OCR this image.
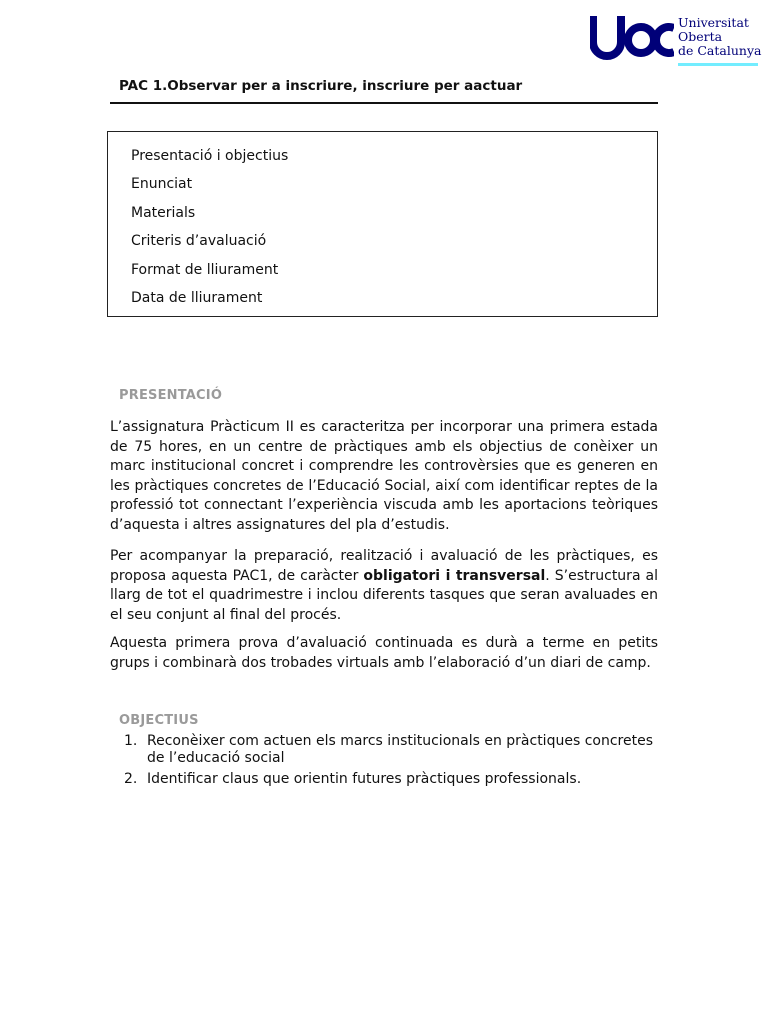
Universitat
Oberta
de Catalunya
PAC 1.Observar per a inscriure, inscriure per aactuar
Presentació i objectius
Enunciat
Materials
Criteris d’avaluació
Format de lliurament
Data de lliurament
PRESENTACIÓ

L’assignatura Pràcticum II es caracteritza per incorporar una primera estada de 75 hores, en un centre de pràctiques amb els objectius de conèixer un marc institucional concret i comprendre les controvèrsies que es generen en les pràctiques concretes de l’Educació Social, així com identificar reptes de la professió tot connectant l’experiència viscuda amb les aportacions teòriques d’aquesta i altres assignatures del pla d’estudis.

Per acompanyar la preparació, realització i avaluació de les pràctiques, es proposa aquesta PAC1, de caràcter obligatori i transversal. S’estructura al llarg de tot el quadrimestre i inclou diferents tasques que seran avaluades en el seu conjunt al final del procés.

Aquesta primera prova d’avaluació continuada es durà a terme en petits grups i combinarà dos trobades virtuals amb l’elaboració d’un diari de camp.

OBJECTIUS
1. Reconèixer com actuen els marcs institucionals en pràctiques concretes de l’educació social
2. Identificar claus que orientin futures pràctiques professionals.
